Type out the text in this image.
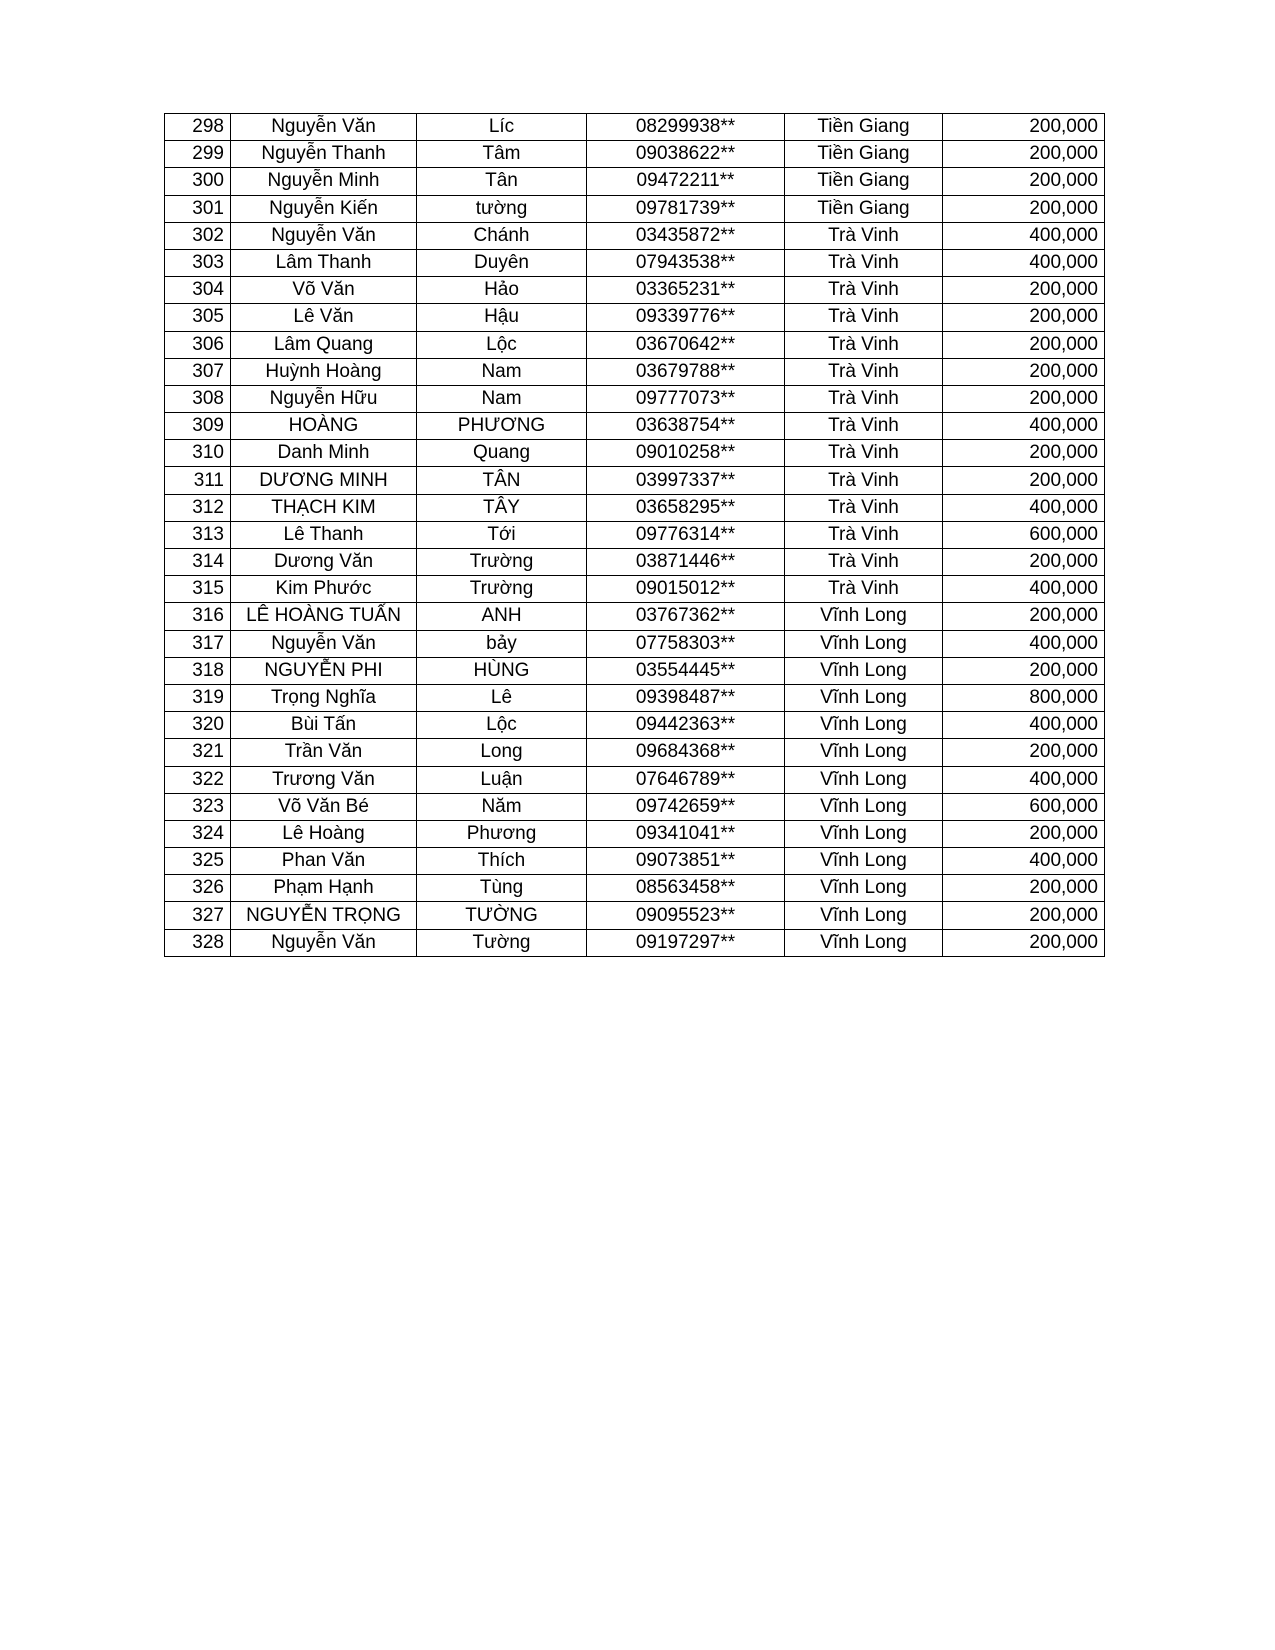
298	Nguyễn Văn	Líc	08299938**	Tiền Giang	200,000
299	Nguyễn Thanh	Tâm	09038622**	Tiền Giang	200,000
300	Nguyễn Minh	Tân	09472211**	Tiền Giang	200,000
301	Nguyễn Kiến	tường	09781739**	Tiền Giang	200,000
302	Nguyễn Văn	Chánh	03435872**	Trà Vinh	400,000
303	Lâm Thanh	Duyên	07943538**	Trà Vinh	400,000
304	Võ Văn	Hảo	03365231**	Trà Vinh	200,000
305	Lê Văn	Hậu	09339776**	Trà Vinh	200,000
306	Lâm Quang	Lộc	03670642**	Trà Vinh	200,000
307	Huỳnh Hoàng	Nam	03679788**	Trà Vinh	200,000
308	Nguyễn Hữu	Nam	09777073**	Trà Vinh	200,000
309	HOÀNG	PHƯƠNG	03638754**	Trà Vinh	400,000
310	Danh Minh	Quang	09010258**	Trà Vinh	200,000
311	DƯƠNG MINH	TÂN	03997337**	Trà Vinh	200,000
312	THẠCH KIM	TÂY	03658295**	Trà Vinh	400,000
313	Lê Thanh	Tới	09776314**	Trà Vinh	600,000
314	Dương Văn	Trường	03871446**	Trà Vinh	200,000
315	Kim Phước	Trường	09015012**	Trà Vinh	400,000
316	LÊ HOÀNG TUẤN	ANH	03767362**	Vĩnh Long	200,000
317	Nguyễn Văn	bảy	07758303**	Vĩnh Long	400,000
318	NGUYỄN PHI	HÙNG	03554445**	Vĩnh Long	200,000
319	Trọng Nghĩa	Lê	09398487**	Vĩnh Long	800,000
320	Bùi Tấn	Lộc	09442363**	Vĩnh Long	400,000
321	Trần Văn	Long	09684368**	Vĩnh Long	200,000
322	Trương Văn	Luận	07646789**	Vĩnh Long	400,000
323	Võ Văn Bé	Năm	09742659**	Vĩnh Long	600,000
324	Lê Hoàng	Phương	09341041**	Vĩnh Long	200,000
325	Phan Văn	Thích	09073851**	Vĩnh Long	400,000
326	Phạm Hạnh	Tùng	08563458**	Vĩnh Long	200,000
327	NGUYỄN TRỌNG	TƯỜNG	09095523**	Vĩnh Long	200,000
328	Nguyễn Văn	Tường	09197297**	Vĩnh Long	200,000
